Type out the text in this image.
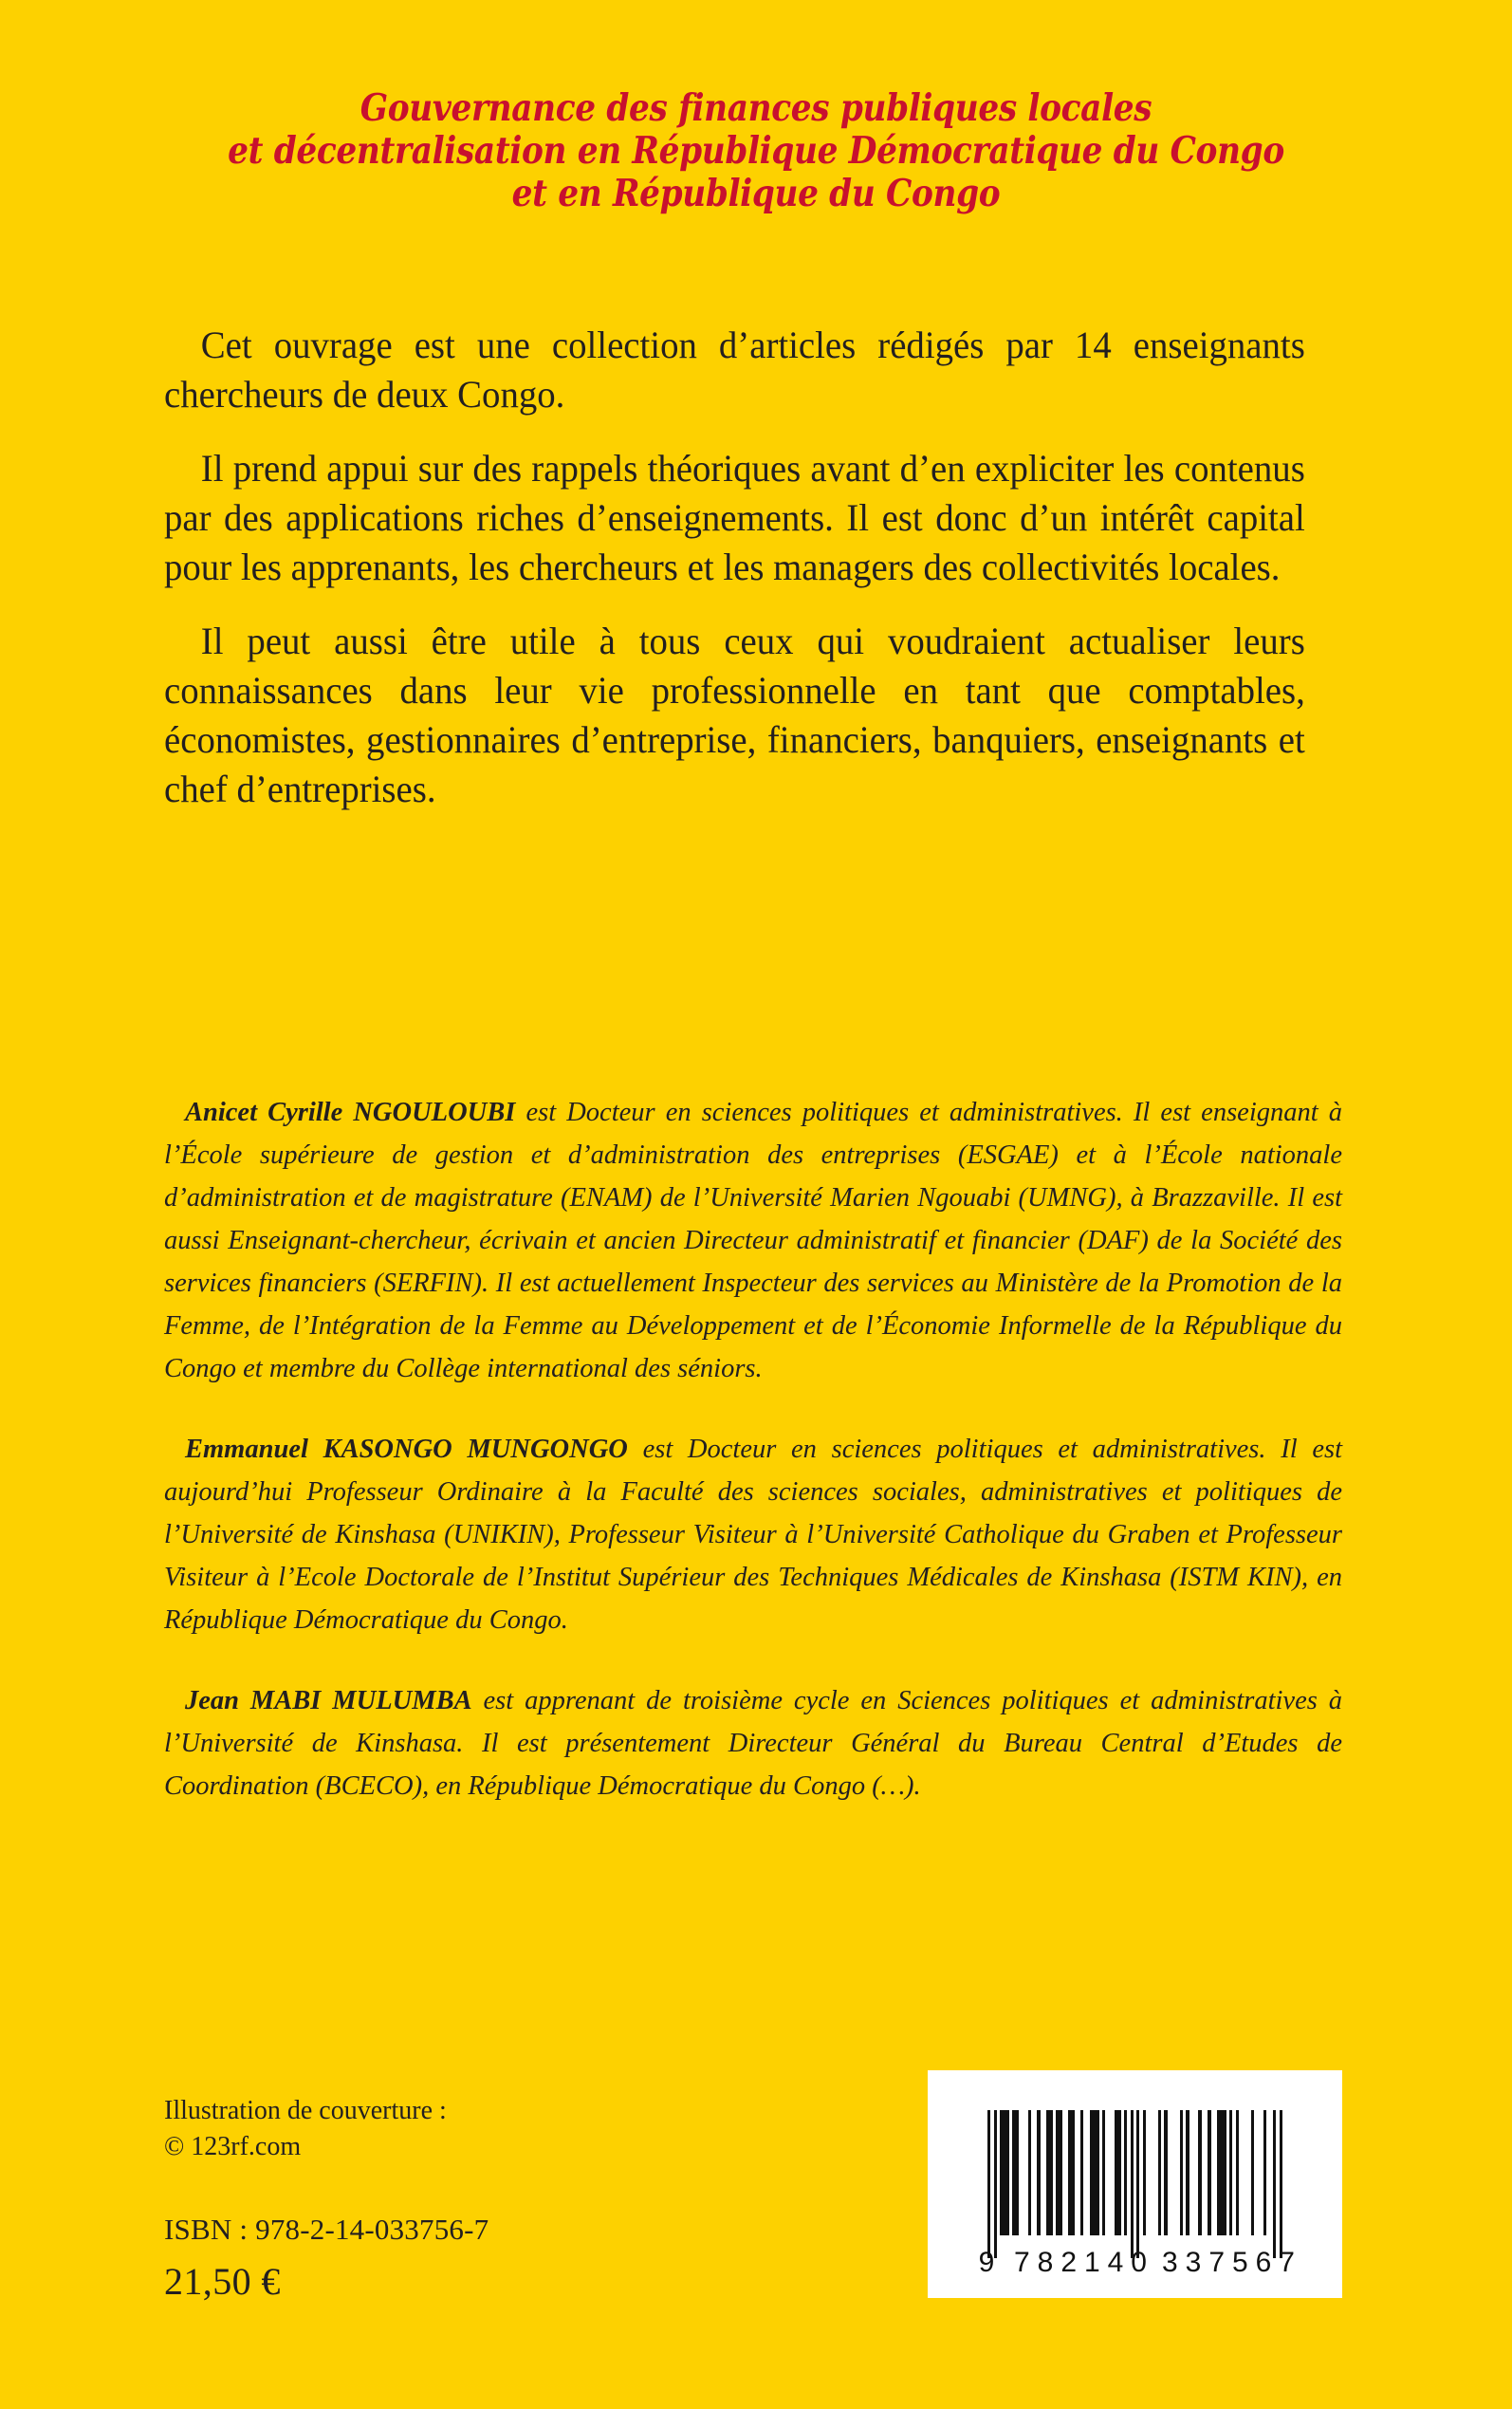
Gouvernance des finances publiques locales
et décentralisation en République Démocratique du Congo
et en République du Congo

Cet ouvrage est une collection d’articles rédigés par 14 enseignants chercheurs de deux Congo.

Il prend appui sur des rappels théoriques avant d’en expliciter les contenus par des applications riches d’enseignements. Il est donc d’un intérêt capital pour les apprenants, les chercheurs et les managers des collectivités locales.

Il peut aussi être utile à tous ceux qui voudraient actualiser leurs connaissances dans leur vie professionnelle en tant que comptables, économistes, gestionnaires d’entreprise, financiers, banquiers, enseignants et chef d’entreprises.

Anicet Cyrille NGOULOUBI est Docteur en sciences politiques et administratives. Il est enseignant à l’École supérieure de gestion et d’administration des entreprises (ESGAE) et à l’École nationale d’administration et de magistrature (ENAM) de l’Université Marien Ngouabi (UMNG), à Brazzaville. Il est aussi Enseignant-chercheur, écrivain et ancien Directeur administratif et financier (DAF) de la Société des services financiers (SERFIN). Il est actuellement Inspecteur des services au Ministère de la Promotion de la Femme, de l’Intégration de la Femme au Développement et de l’Économie Informelle de la République du Congo et membre du Collège international des séniors.

Emmanuel KASONGO MUNGONGO est Docteur en sciences politiques et administratives. Il est aujourd’hui Professeur Ordinaire à la Faculté des sciences sociales, administratives et politiques de l’Université de Kinshasa (UNIKIN), Professeur Visiteur à l’Université Catholique du Graben et Professeur Visiteur à l’Ecole Doctorale de l’Institut Supérieur des Techniques Médicales de Kinshasa (ISTM KIN), en République Démocratique du Congo.

Jean MABI MULUMBA est apprenant de troisième cycle en Sciences politiques et administratives à l’Université de Kinshasa. Il est présentement Directeur Général du Bureau Central d’Etudes de Coordination (BCECO), en République Démocratique du Congo (…).

Illustration de couverture :
© 123rf.com
ISBN : 978-2-14-033756-7
21,50 €	9 7 8 2 1 4 0 3 3 7 5 6 7
